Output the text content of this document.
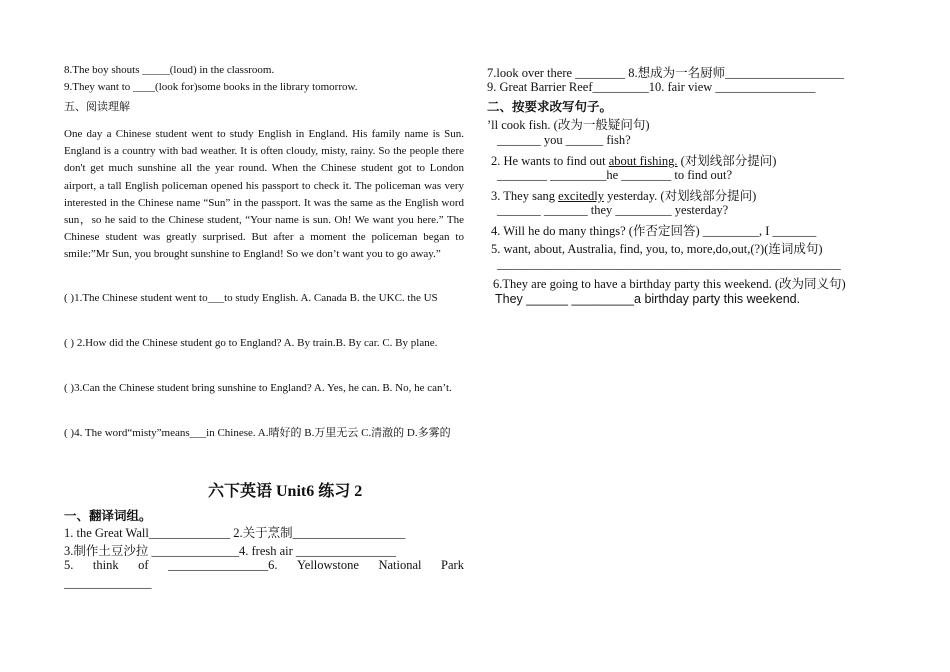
8.The boy shouts _____(loud) in the classroom.
9.They want to ____(look for)some books in the library tomorrow.
五、阅读理解
One day a Chinese student went to study English in England. His family name is Sun. England is a country with bad weather. It is often cloudy, misty, rainy. So the people there don't get much sunshine all the year round. When the Chinese student got to London airport, a tall English policeman opened his passport to check it. The policeman was very interested in the Chinese name “Sun” in the passport. It was the same as the English word sun，so he said to the Chinese student, “Your name is sun. Oh! We want you here.” The Chinese student was greatly surprised. But after a moment the policeman began to smile:”Mr Sun, you brought sunshine to England! So we don’t want you to go away.”
( )1.The Chinese student went to___to study English. A. Canada B. the UKC. the US
( ) 2.How did the Chinese student go to England? A. By train.B. By car. C. By plane.
( )3.Can the Chinese student bring sunshine to England? A. Yes, he can. B. No, he can’t.
( )4. The word“misty”means___in Chinese. A.晴好的 B.万里无云 C.清澈的 D.多雾的
六下英语 Unit6 练习 2
一、翻译词组。
1. the Great Wall_____________ 2.关于烹制__________________
3.制作土豆沙拉 ______________4. fresh air ________________
5. think of ________________6. Yellowstone National Park
______________
7.look over there ________ 8.想成为一名厨师___________________
9. Great Barrier Reef_________10. fair view ________________
二、按要求改写句子。
’ll cook fish. (改为一般疑问句)
_______ you ______ fish?
2. He wants to find out about fishing. (对划线部分提问)
________ _________he ________ to find out?
3. They sang excitedly yesterday. (对划线部分提问)
_______ _______ they _________ yesterday?
4. Will he do many things? (作否定回答) _________, I _______
5. want, about, Australia, find, you, to, more,do,out,(?)(连词成句)
_______________________________________________________
6.They are going to have a birthday party this weekend. (改为同义句)
They ______ _________a birthday party this weekend.
